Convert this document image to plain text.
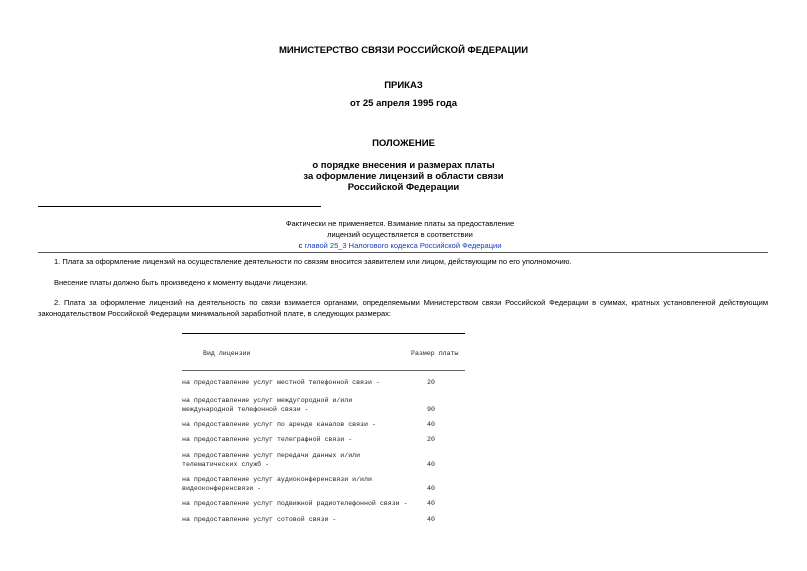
МИНИСТЕРСТВО СВЯЗИ РОССИЙСКОЙ ФЕДЕРАЦИИ
ПРИКАЗ
от 25 апреля 1995 года
ПОЛОЖЕНИЕ
о порядке внесения и размерах платы
за оформление лицензий в области связи
Российской Федерации
Фактически не применяется. Взимание платы за предоставление
лицензий осуществляется в соответствии
с главой 25_3 Налогового кодекса Российской Федерации
1. Плата за оформление лицензий на осуществление деятельности по связям вносится заявителем или лицом, действующим по его уполномочию.
Внесение платы должно быть произведено к моменту выдачи лицензии.
2. Плата за оформление лицензий на деятельность по связи взимается органами, определяемыми Министерством связи Российской Федерации в суммах, кратных установленной действующим законодательством Российской Федерации минимальной заработной плате, в следующих размерах:
Вид лицензии	Размер платы
на предоставление услуг местной телефонной связи -	20
на предоставление услуг междугородной и/или
международной телефонной связи -	90
на предоставление услуг по аренде каналов связи -	40
на предоставление услуг телеграфной связи -	20
на предоставление услуг передачи данных и/или
телематических служб -	40
на предоставление услуг аудиоконференсвязи и/или
видеоконференсвязи -	40
на предоставление услуг подвижной радиотелефонной связи -	40
на предоставление услуг сотовой связи -	40
